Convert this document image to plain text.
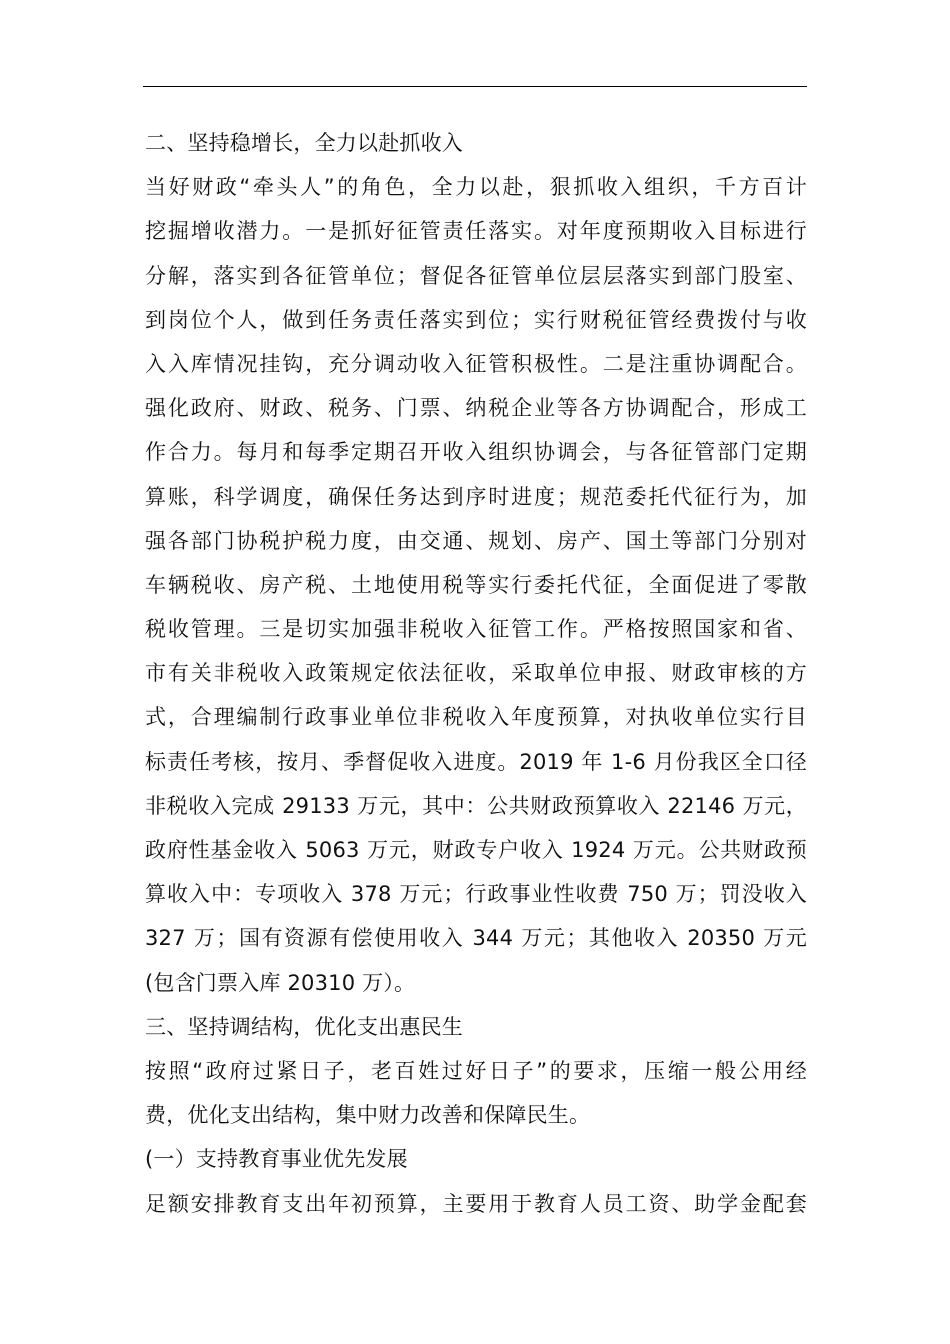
二、坚持稳增长，全力以赴抓收入
当好财政“牵头人”的角色，全力以赴，狠抓收入组织，千方百计
挖掘增收潜力。一是抓好征管责任落实。对年度预期收入目标进行
分解，落实到各征管单位；督促各征管单位层层落实到部门股室、
到岗位个人，做到任务责任落实到位；实行财税征管经费拨付与收
入入库情况挂钩，充分调动收入征管积极性。二是注重协调配合。
强化政府、财政、税务、门票、纳税企业等各方协调配合，形成工
作合力。每月和每季定期召开收入组织协调会，与各征管部门定期
算账，科学调度，确保任务达到序时进度；规范委托代征行为，加
强各部门协税护税力度，由交通、规划、房产、国土等部门分别对
车辆税收、房产税、土地使用税等实行委托代征，全面促进了零散
税收管理。三是切实加强非税收入征管工作。严格按照国家和省、
市有关非税收入政策规定依法征收，采取单位申报、财政审核的方
式，合理编制行政事业单位非税收入年度预算，对执收单位实行目
标责任考核，按月、季督促收入进度。2019 年 1-6 月份我区全口径
非税收入完成 29133 万元，其中：公共财政预算收入 22146 万元，
政府性基金收入 5063 万元，财政专户收入 1924 万元。公共财政预
算收入中：专项收入 378 万元；行政事业性收费 750 万；罚没收入
327 万；国有资源有偿使用收入 344 万元；其他收入 20350 万元
(包含门票入库 20310 万）。
三、坚持调结构，优化支出惠民生
按照“政府过紧日子，老百姓过好日子”的要求，压缩一般公用经
费，优化支出结构，集中财力改善和保障民生。
(一）支持教育事业优先发展
足额安排教育支出年初预算，主要用于教育人员工资、助学金配套
